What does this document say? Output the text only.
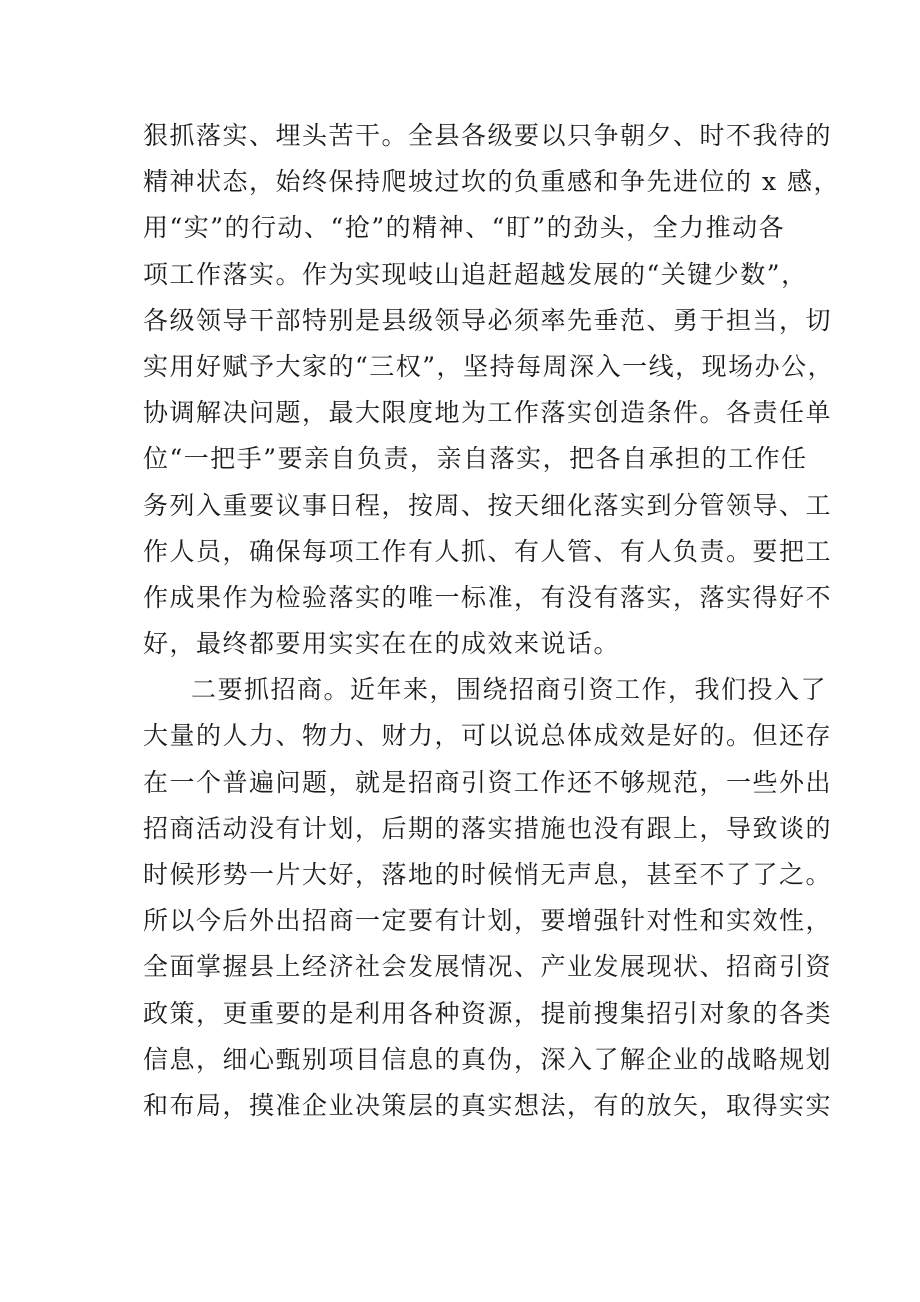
狠抓落实、埋头苦干。全县各级要以只争朝夕、时不我待的
精神状态，始终保持爬坡过坎的负重感和争先进位的 x 感，
用“实”的行动、“抢”的精神、“盯”的劲头，全力推动各
项工作落实。作为实现岐山追赶超越发展的“关键少数”，
各级领导干部特别是县级领导必须率先垂范、勇于担当，切
实用好赋予大家的“三权”，坚持每周深入一线，现场办公，
协调解决问题，最大限度地为工作落实创造条件。各责任单
位“一把手”要亲自负责，亲自落实，把各自承担的工作任
务列入重要议事日程，按周、按天细化落实到分管领导、工
作人员，确保每项工作有人抓、有人管、有人负责。要把工
作成果作为检验落实的唯一标准，有没有落实，落实得好不
好，最终都要用实实在在的成效来说话。
二要抓招商。近年来，围绕招商引资工作，我们投入了
大量的人力、物力、财力，可以说总体成效是好的。但还存
在一个普遍问题，就是招商引资工作还不够规范，一些外出
招商活动没有计划，后期的落实措施也没有跟上，导致谈的
时候形势一片大好，落地的时候悄无声息，甚至不了了之。
所以今后外出招商一定要有计划，要增强针对性和实效性，
全面掌握县上经济社会发展情况、产业发展现状、招商引资
政策，更重要的是利用各种资源，提前搜集招引对象的各类
信息，细心甄别项目信息的真伪，深入了解企业的战略规划
和布局，摸准企业决策层的真实想法，有的放矢，取得实实
